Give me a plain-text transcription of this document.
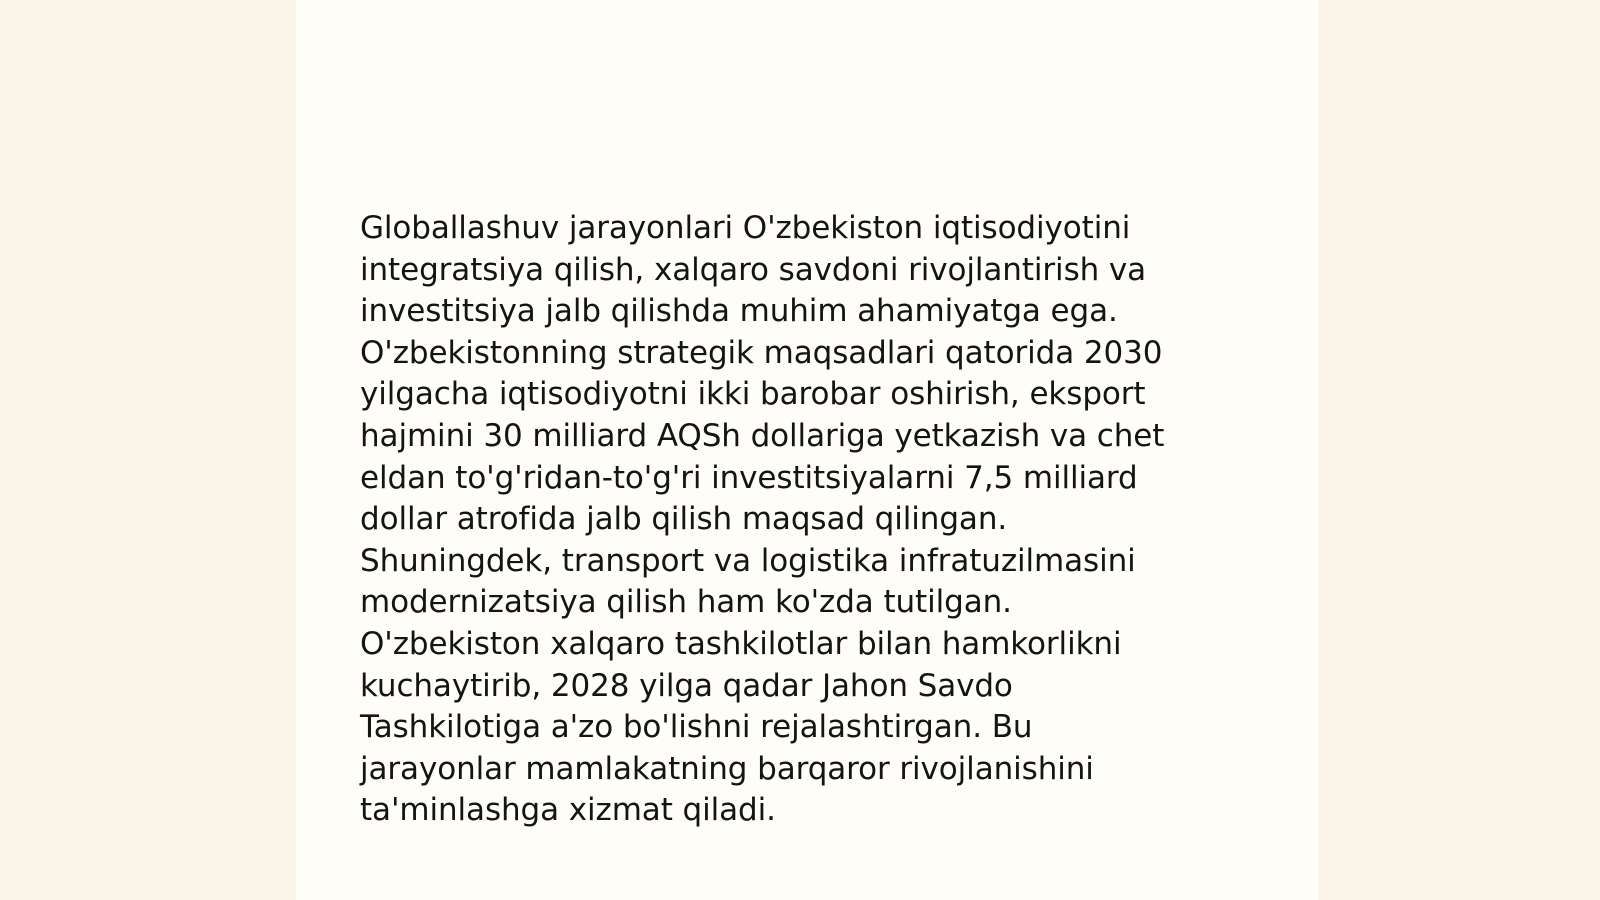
Globallashuv jarayonlari O'zbekiston iqtisodiyotini
integratsiya qilish, xalqaro savdoni rivojlantirish va
investitsiya jalb qilishda muhim ahamiyatga ega.
O'zbekistonning strategik maqsadlari qatorida 2030
yilgacha iqtisodiyotni ikki barobar oshirish, eksport
hajmini 30 milliard AQSh dollariga yetkazish va chet
eldan to'g'ridan-to'g'ri investitsiyalarni 7,5 milliard
dollar atrofida jalb qilish maqsad qilingan.
Shuningdek, transport va logistika infratuzilmasini
modernizatsiya qilish ham ko'zda tutilgan.
O'zbekiston xalqaro tashkilotlar bilan hamkorlikni
kuchaytirib, 2028 yilga qadar Jahon Savdo
Tashkilotiga a'zo bo'lishni rejalashtirgan. Bu
jarayonlar mamlakatning barqaror rivojlanishini
ta'minlashga xizmat qiladi.
